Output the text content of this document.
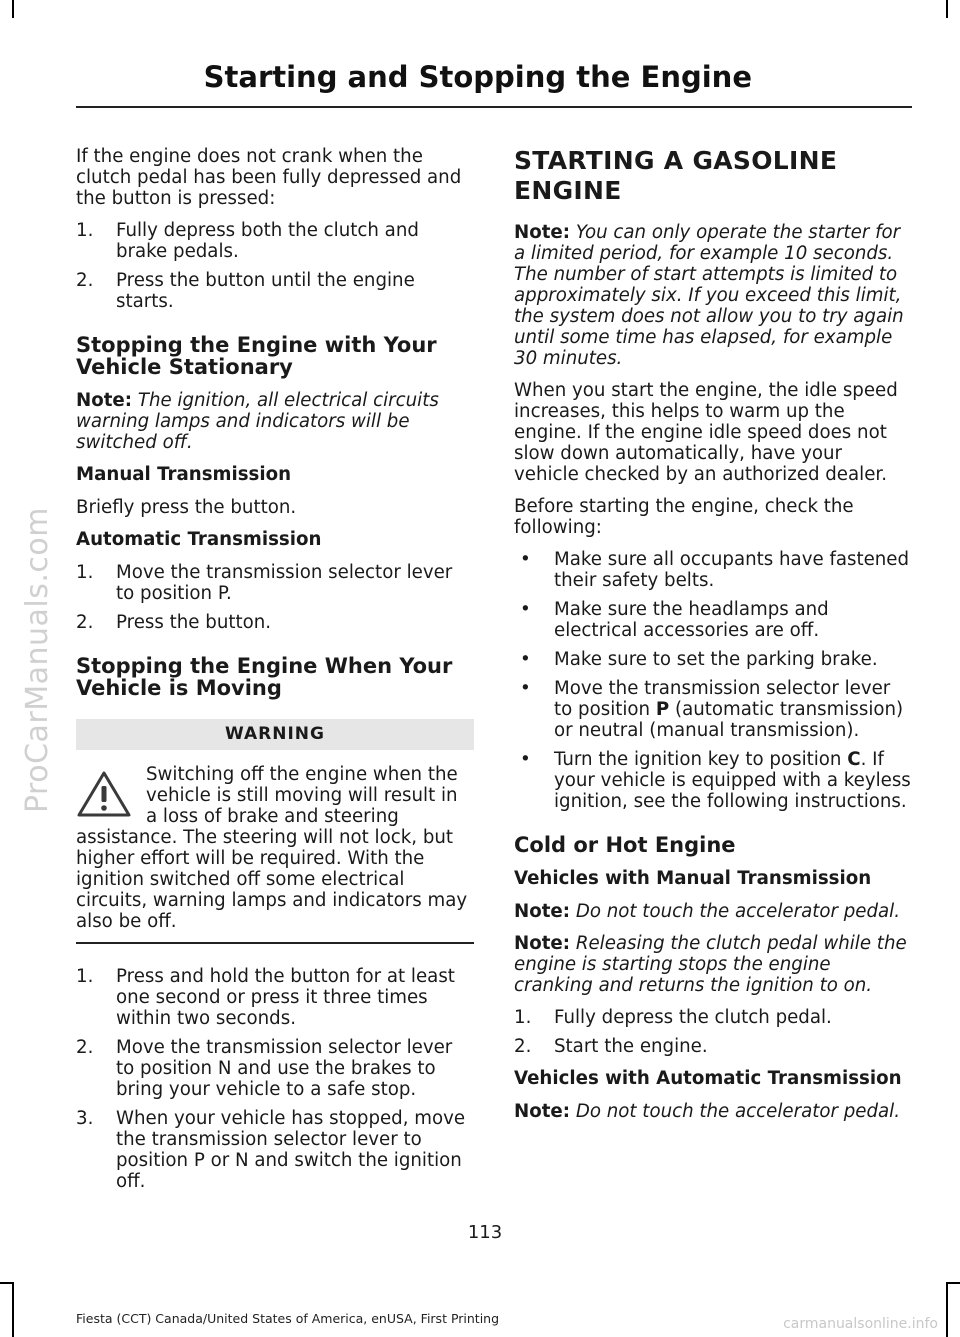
ProCarManuals.com
Starting and Stopping the Engine

If the engine does not crank when the clutch pedal has been fully depressed and the button is pressed:

1. Fully depress both the clutch and brake pedals.
2. Press the button until the engine starts.
Stopping the Engine with Your Vehicle Stationary

Note: The ignition, all electrical circuits warning lamps and indicators will be switched off.

Manual Transmission

Briefly press the button.

Automatic Transmission
1. Move the transmission selector lever to position P.
2. Press the button.
Stopping the Engine When Your Vehicle is Moving
WARNING
Switching off the engine when the vehicle is still moving will result in a loss of brake and steering assistance. The steering will not lock, but higher effort will be required. With the ignition switched off some electrical circuits, warning lamps and indicators may also be off.
1. Press and hold the button for at least one second or press it three times within two seconds.
2. Move the transmission selector lever to position N and use the brakes to bring your vehicle to a safe stop.
3. When your vehicle has stopped, move the transmission selector lever to position P or N and switch the ignition off.
STARTING A GASOLINE
ENGINE

Note: You can only operate the starter for a limited period, for example 10 seconds. The number of start attempts is limited to approximately six. If you exceed this limit, the system does not allow you to try again until some time has elapsed, for example 30 minutes.

When you start the engine, the idle speed increases, this helps to warm up the engine. If the engine idle speed does not slow down automatically, have your vehicle checked by an authorized dealer.

Before starting the engine, check the following:

• Make sure all occupants have fastened their safety belts.
• Make sure the headlamps and electrical accessories are off.
• Make sure to set the parking brake.
• Move the transmission selector lever to position P (automatic transmission) or neutral (manual transmission).
• Turn the ignition key to position C. If your vehicle is equipped with a keyless ignition, see the following instructions.
Cold or Hot Engine
Vehicles with Manual Transmission

Note: Do not touch the accelerator pedal.

Note: Releasing the clutch pedal while the engine is starting stops the engine cranking and returns the ignition to on.

1. Fully depress the clutch pedal.
2. Start the engine.
Vehicles with Automatic Transmission

Note: Do not touch the accelerator pedal.

113
Fiesta (CCT) Canada/United States of America, enUSA, First Printing	carmanualsonline.info
